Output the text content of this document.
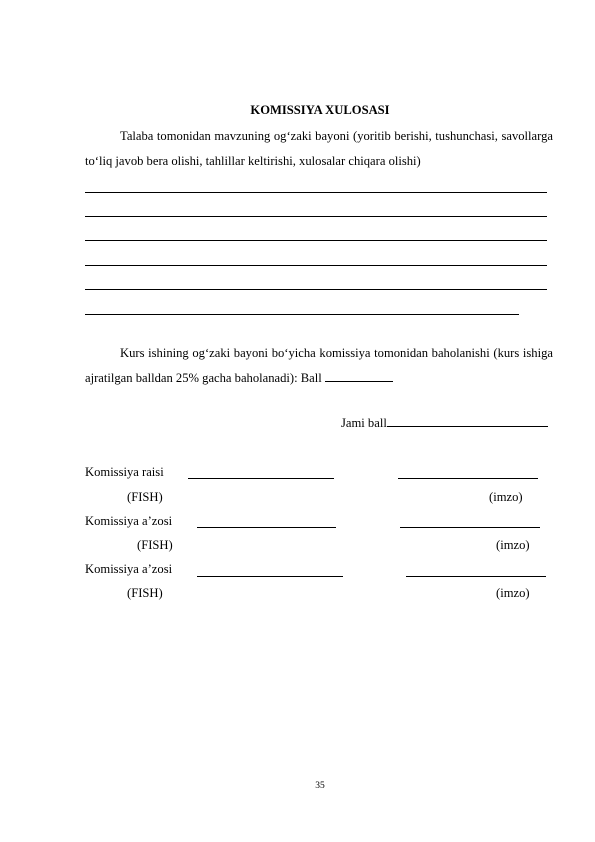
KOMISSIYA XULOSASI
Talaba tomonidan mavzuning og‘zaki bayoni (yoritib berishi, tushunchasi, savollarga to‘liq javob bera olishi, tahlillar keltirishi, xulosalar chiqara olishi)
Kurs ishining og‘zaki bayoni bo‘yicha komissiya tomonidan baholanishi (kurs ishiga ajratilgan balldan 25% gacha baholanadi): Ball
Jami ball
Komissiya raisi
(FISH)	(imzo)
Komissiya a’zosi
(FISH)	(imzo)
Komissiya a’zosi
(FISH)	(imzo)
35
